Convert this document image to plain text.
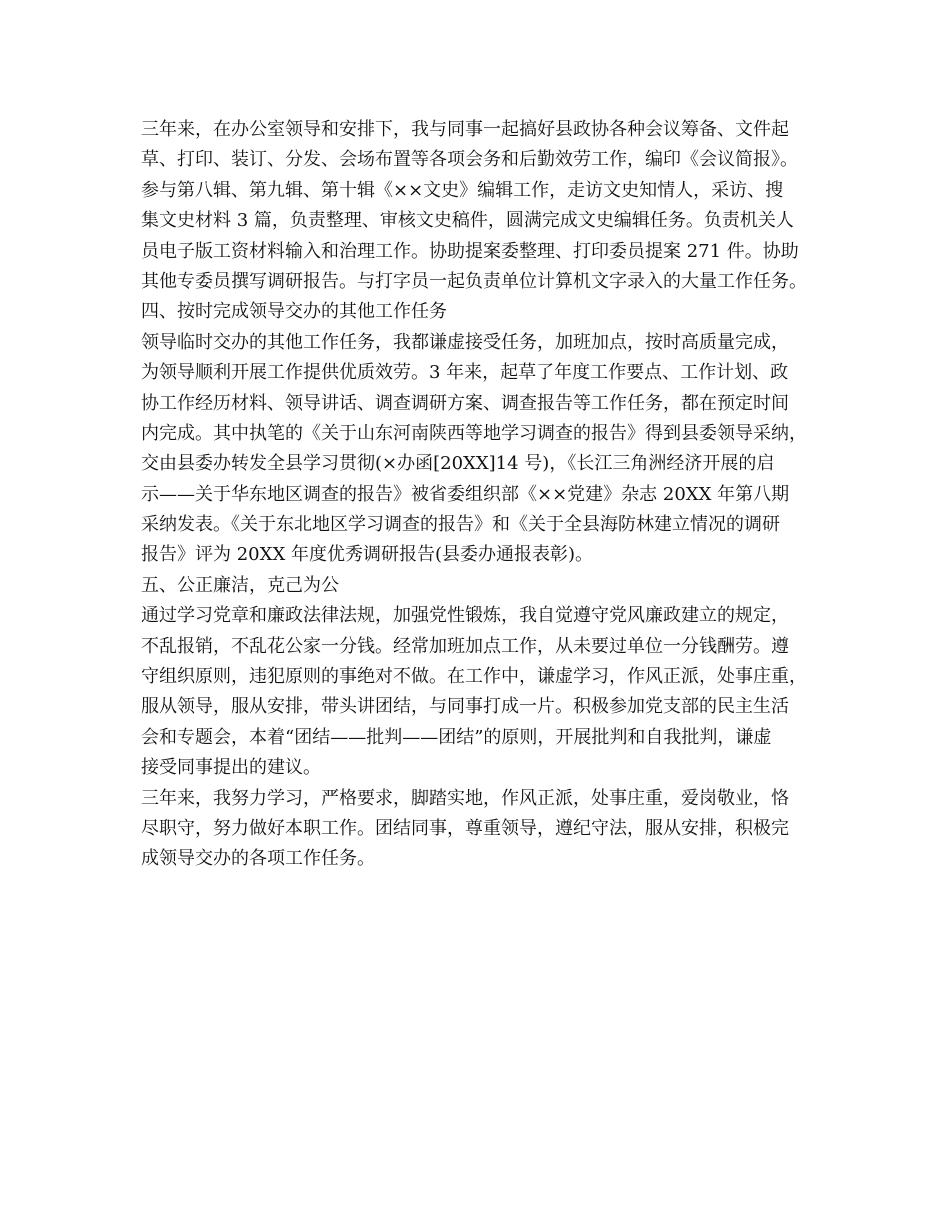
三年来，在办公室领导和安排下，我与同事一起搞好县政协各种会议筹备、文件起
草、打印、装订、分发、会场布置等各项会务和后勤效劳工作，编印《会议简报》。
参与第八辑、第九辑、第十辑《××文史》编辑工作，走访文史知情人，采访、搜
集文史材料 3 篇，负责整理、审核文史稿件，圆满完成文史编辑任务。负责机关人
员电子版工资材料输入和治理工作。协助提案委整理、打印委员提案 271 件。协助
其他专委员撰写调研报告。与打字员一起负责单位计算机文字录入的大量工作任务。
四、按时完成领导交办的其他工作任务
领导临时交办的其他工作任务，我都谦虚接受任务，加班加点，按时高质量完成，
为领导顺利开展工作提供优质效劳。3 年来，起草了年度工作要点、工作计划、政
协工作经历材料、领导讲话、调查调研方案、调查报告等工作任务，都在预定时间
内完成。其中执笔的《关于山东河南陕西等地学习调查的报告》得到县委领导采纳，
交由县委办转发全县学习贯彻(×办函[20XX]14 号)，《长江三角洲经济开展的启
示——关于华东地区调查的报告》被省委组织部《××党建》杂志 20XX 年第八期
采纳发表。《关于东北地区学习调查的报告》和《关于全县海防林建立情况的调研
报告》评为 20XX 年度优秀调研报告(县委办通报表彰)。
五、公正廉洁，克己为公
通过学习党章和廉政法律法规，加强党性锻炼，我自觉遵守党风廉政建立的规定，
不乱报销，不乱花公家一分钱。经常加班加点工作，从未要过单位一分钱酬劳。遵
守组织原则，违犯原则的事绝对不做。在工作中，谦虚学习，作风正派，处事庄重，
服从领导，服从安排，带头讲团结，与同事打成一片。积极参加党支部的民主生活
会和专题会，本着“团结——批判——团结”的原则，开展批判和自我批判，谦虚
接受同事提出的建议。
三年来，我努力学习，严格要求，脚踏实地，作风正派，处事庄重，爱岗敬业，恪
尽职守，努力做好本职工作。团结同事，尊重领导，遵纪守法，服从安排，积极完
成领导交办的各项工作任务。
